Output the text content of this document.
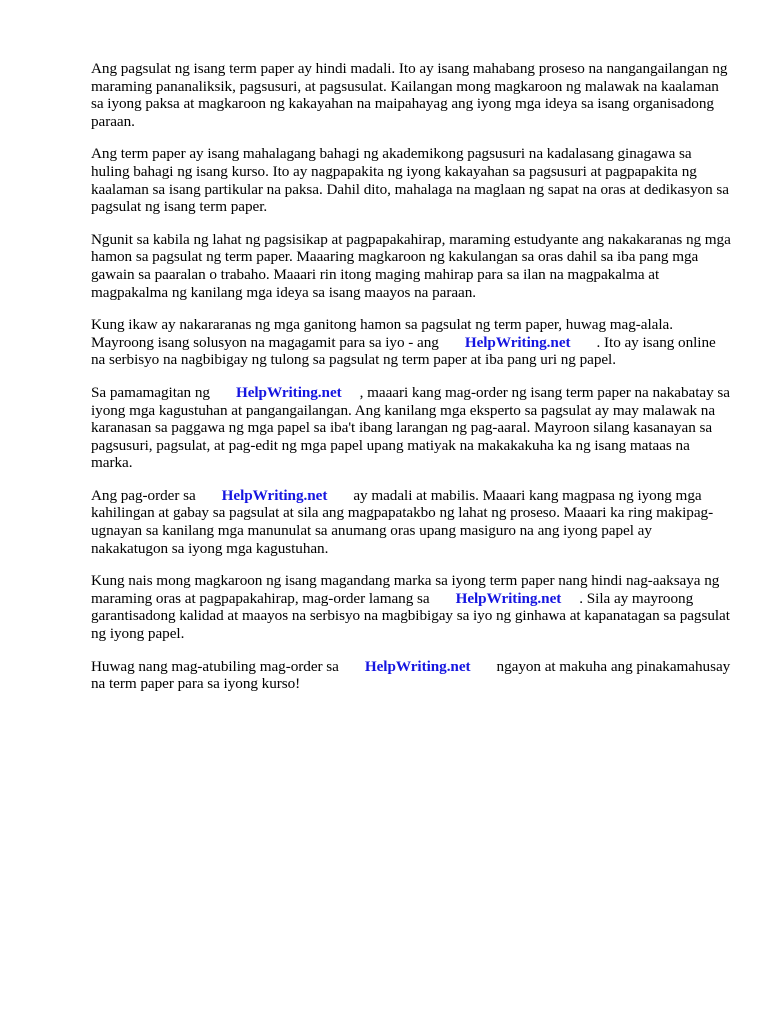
Ang pagsulat ng isang term paper ay hindi madali. Ito ay isang mahabang proseso na nangangailangan ng maraming pananaliksik, pagsusuri, at pagsusulat. Kailangan mong magkaroon ng malawak na kaalaman sa iyong paksa at magkaroon ng kakayahan na maipahayag ang iyong mga ideya sa isang organisadong paraan.

Ang term paper ay isang mahalagang bahagi ng akademikong pagsusuri na kadalasang ginagawa sa huling bahagi ng isang kurso. Ito ay nagpapakita ng iyong kakayahan sa pagsusuri at pagpapakita ng kaalaman sa isang partikular na paksa. Dahil dito, mahalaga na maglaan ng sapat na oras at dedikasyon sa pagsulat ng isang term paper.

Ngunit sa kabila ng lahat ng pagsisikap at pagpapakahirap, maraming estudyante ang nakakaranas ng mga hamon sa pagsulat ng term paper. Maaaring magkaroon ng kakulangan sa oras dahil sa iba pang mga gawain sa paaralan o trabaho. Maaari rin itong maging mahirap para sa ilan na magpakalma at magpakalma ng kanilang mga ideya sa isang maayos na paraan.

Kung ikaw ay nakararanas ng mga ganitong hamon sa pagsulat ng term paper, huwag mag-alala. Mayroong isang solusyon na magagamit para sa iyo - ang HelpWriting.net . Ito ay isang online na serbisyo na nagbibigay ng tulong sa pagsulat ng term paper at iba pang uri ng papel.

Sa pamamagitan ng HelpWriting.net , maaari kang mag-order ng isang term paper na nakabatay sa iyong mga kagustuhan at pangangailangan. Ang kanilang mga eksperto sa pagsulat ay may malawak na karanasan sa paggawa ng mga papel sa iba't ibang larangan ng pag-aaral. Mayroon silang kasanayan sa pagsusuri, pagsulat, at pag-edit ng mga papel upang matiyak na makakakuha ka ng isang mataas na marka.

Ang pag-order sa HelpWriting.net ay madali at mabilis. Maaari kang magpasa ng iyong mga kahilingan at gabay sa pagsulat at sila ang magpapatakbo ng lahat ng proseso. Maaari ka ring makipag-ugnayan sa kanilang mga manunulat sa anumang oras upang masiguro na ang iyong papel ay nakakatugon sa iyong mga kagustuhan.

Kung nais mong magkaroon ng isang magandang marka sa iyong term paper nang hindi nag-aaksaya ng maraming oras at pagpapakahirap, mag-order lamang sa HelpWriting.net . Sila ay mayroong garantisadong kalidad at maayos na serbisyo na magbibigay sa iyo ng ginhawa at kapanatagan sa pagsulat ng iyong papel.

Huwag nang mag-atubiling mag-order sa HelpWriting.net ngayon at makuha ang pinakamahusay na term paper para sa iyong kurso!
